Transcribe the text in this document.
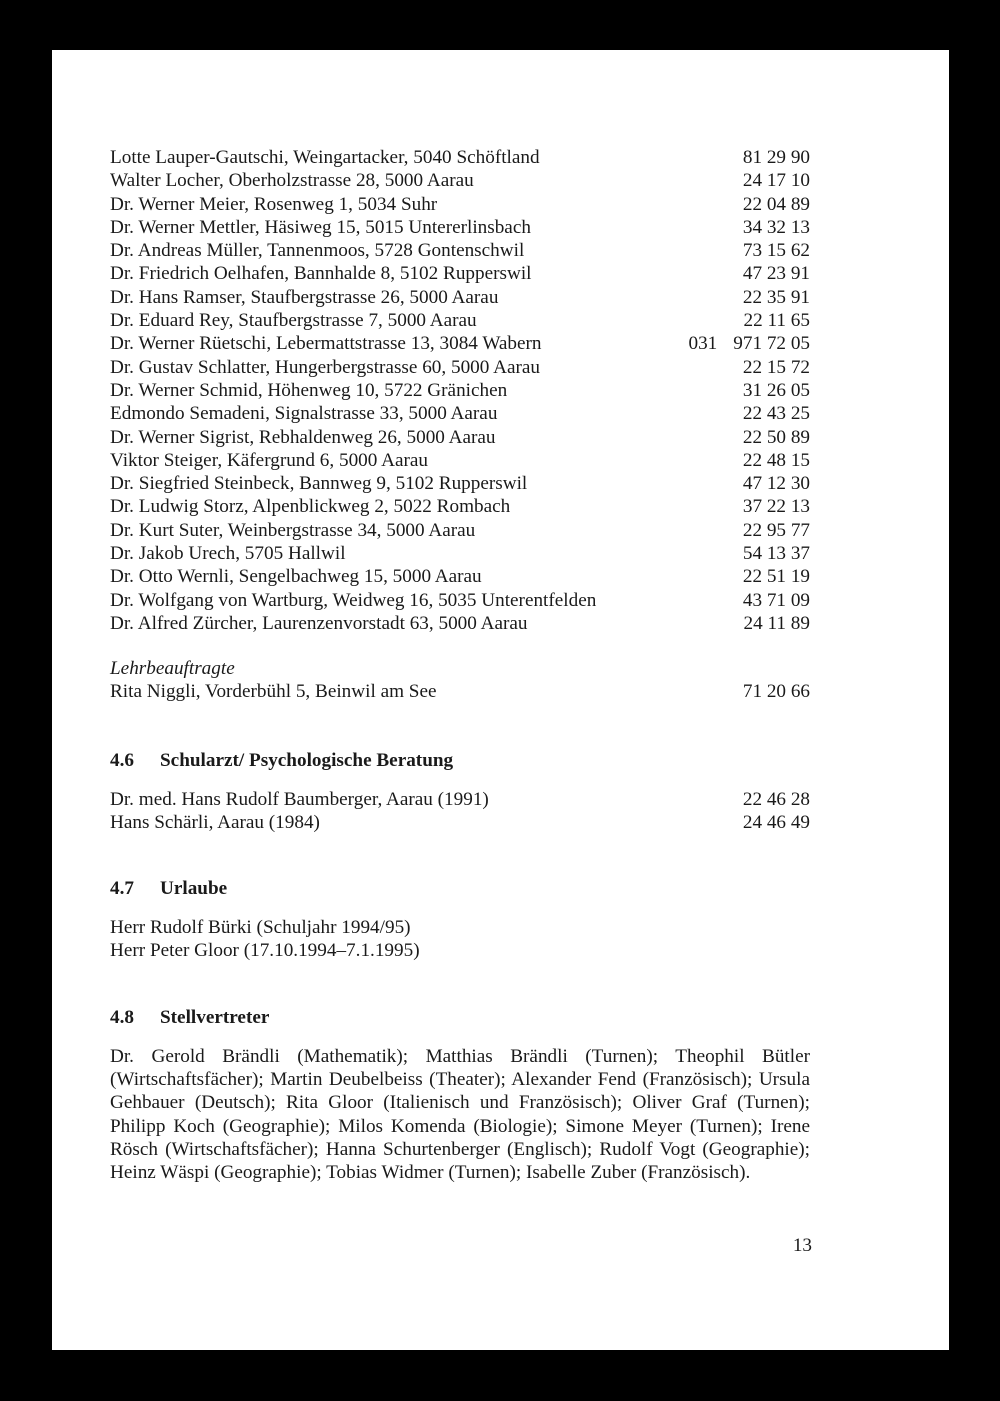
Lotte Lauper-Gautschi, Weingartacker, 5040 Schöftland	81 29 90
Walter Locher, Oberholzstrasse 28, 5000 Aarau	24 17 10
Dr. Werner Meier, Rosenweg 1, 5034 Suhr	22 04 89
Dr. Werner Mettler, Häsiweg 15, 5015 Untererlinsbach	34 32 13
Dr. Andreas Müller, Tannenmoos, 5728 Gontenschwil	73 15 62
Dr. Friedrich Oelhafen, Bannhalde 8, 5102 Rupperswil	47 23 91
Dr. Hans Ramser, Staufbergstrasse 26, 5000 Aarau	22 35 91
Dr. Eduard Rey, Staufbergstrasse 7, 5000 Aarau	22 11 65
Dr. Werner Rüetschi, Lebermattstrasse 13, 3084 Wabern	031 971 72 05
Dr. Gustav Schlatter, Hungerbergstrasse 60, 5000 Aarau	22 15 72
Dr. Werner Schmid, Höhenweg 10, 5722 Gränichen	31 26 05
Edmondo Semadeni, Signalstrasse 33, 5000 Aarau	22 43 25
Dr. Werner Sigrist, Rebhaldenweg 26, 5000 Aarau	22 50 89
Viktor Steiger, Käfergrund 6, 5000 Aarau	22 48 15
Dr. Siegfried Steinbeck, Bannweg 9, 5102 Rupperswil	47 12 30
Dr. Ludwig Storz, Alpenblickweg 2, 5022 Rombach	37 22 13
Dr. Kurt Suter, Weinbergstrasse 34, 5000 Aarau	22 95 77
Dr. Jakob Urech, 5705 Hallwil	54 13 37
Dr. Otto Wernli, Sengelbachweg 15, 5000 Aarau	22 51 19
Dr. Wolfgang von Wartburg, Weidweg 16, 5035 Unterentfelden	43 71 09
Dr. Alfred Zürcher, Laurenzenvorstadt 63, 5000 Aarau	24 11 89
Lehrbeauftragte
Rita Niggli, Vorderbühl 5, Beinwil am See	71 20 66
4.6	Schularzt/ Psychologische Beratung
Dr. med. Hans Rudolf Baumberger, Aarau (1991)	22 46 28
Hans Schärli, Aarau (1984)	24 46 49
4.7	Urlaube
Herr Rudolf Bürki (Schuljahr 1994/95)
Herr Peter Gloor (17.10.1994–7.1.1995)
4.8	Stellvertreter
Dr. Gerold Brändli (Mathematik); Matthias Brändli (Turnen); Theophil Bütler (Wirtschaftsfächer); Martin Deubelbeiss (Theater); Alexander Fend (Französisch); Ursula Gehbauer (Deutsch); Rita Gloor (Italienisch und Französisch); Oliver Graf (Turnen); Philipp Koch (Geographie); Milos Komenda (Biologie); Simone Meyer (Turnen); Irene Rösch (Wirtschaftsfächer); Hanna Schurtenberger (Englisch); Rudolf Vogt (Geographie); Heinz Wäspi (Geographie); Tobias Widmer (Turnen); Isabelle Zuber (Französisch).
13
